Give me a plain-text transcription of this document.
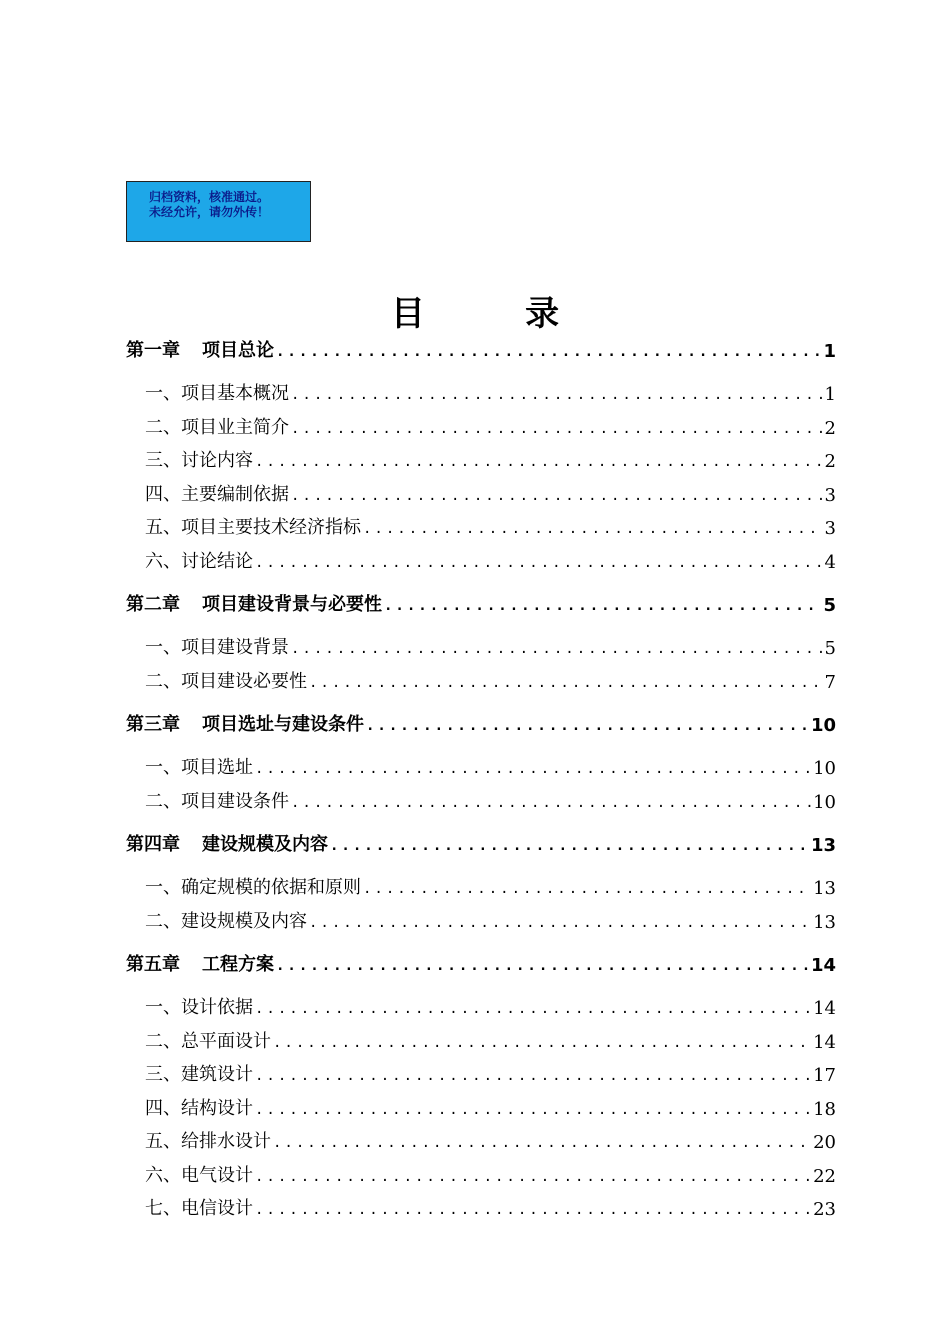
归档资料，核准通过。
未经允许，请勿外传！
目 录
第一章 项目总论 .....	1
一、项目基本概况 .....	1
二、项目业主简介 .....	2
三、讨论内容 .....	2
四、主要编制依据 .....	3
五、项目主要技术经济指标 .....	3
六、讨论结论 .....	4
第二章 项目建设背景与必要性 .....	5
一、项目建设背景 .....	5
二、项目建设必要性 .....	7
第三章 项目选址与建设条件 .....	10
一、项目选址 .....	10
二、项目建设条件 .....	10
第四章 建设规模及内容 .....	13
一、确定规模的依据和原则 .....	13
二、建设规模及内容 .....	13
第五章 工程方案 .....	14
一、设计依据 .....	14
二、总平面设计 .....	14
三、建筑设计 .....	17
四、结构设计 .....	18
五、给排水设计 .....	20
六、电气设计 .....	22
七、电信设计 .....	23
